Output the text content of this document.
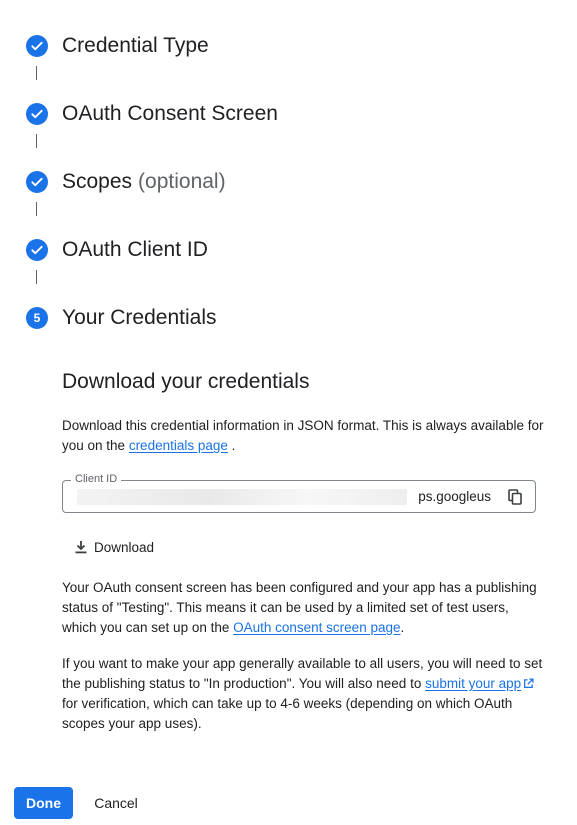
Credential Type
OAuth Consent Screen
Scopes (optional)
OAuth Client ID
5 Your Credentials
Download your credentials
Download this credential information in JSON format. This is always available for you on the credentials page .
Client ID
ps.googleus
Download
Your OAuth consent screen has been configured and your app has a publishing status of "Testing". This means it can be used by a limited set of test users, which you can set up on the OAuth consent screen page.
If you want to make your app generally available to all users, you will need to set the publishing status to "In production". You will also need to submit your app for verification, which can take up to 4-6 weeks (depending on which OAuth scopes your app uses).
Done	Cancel
